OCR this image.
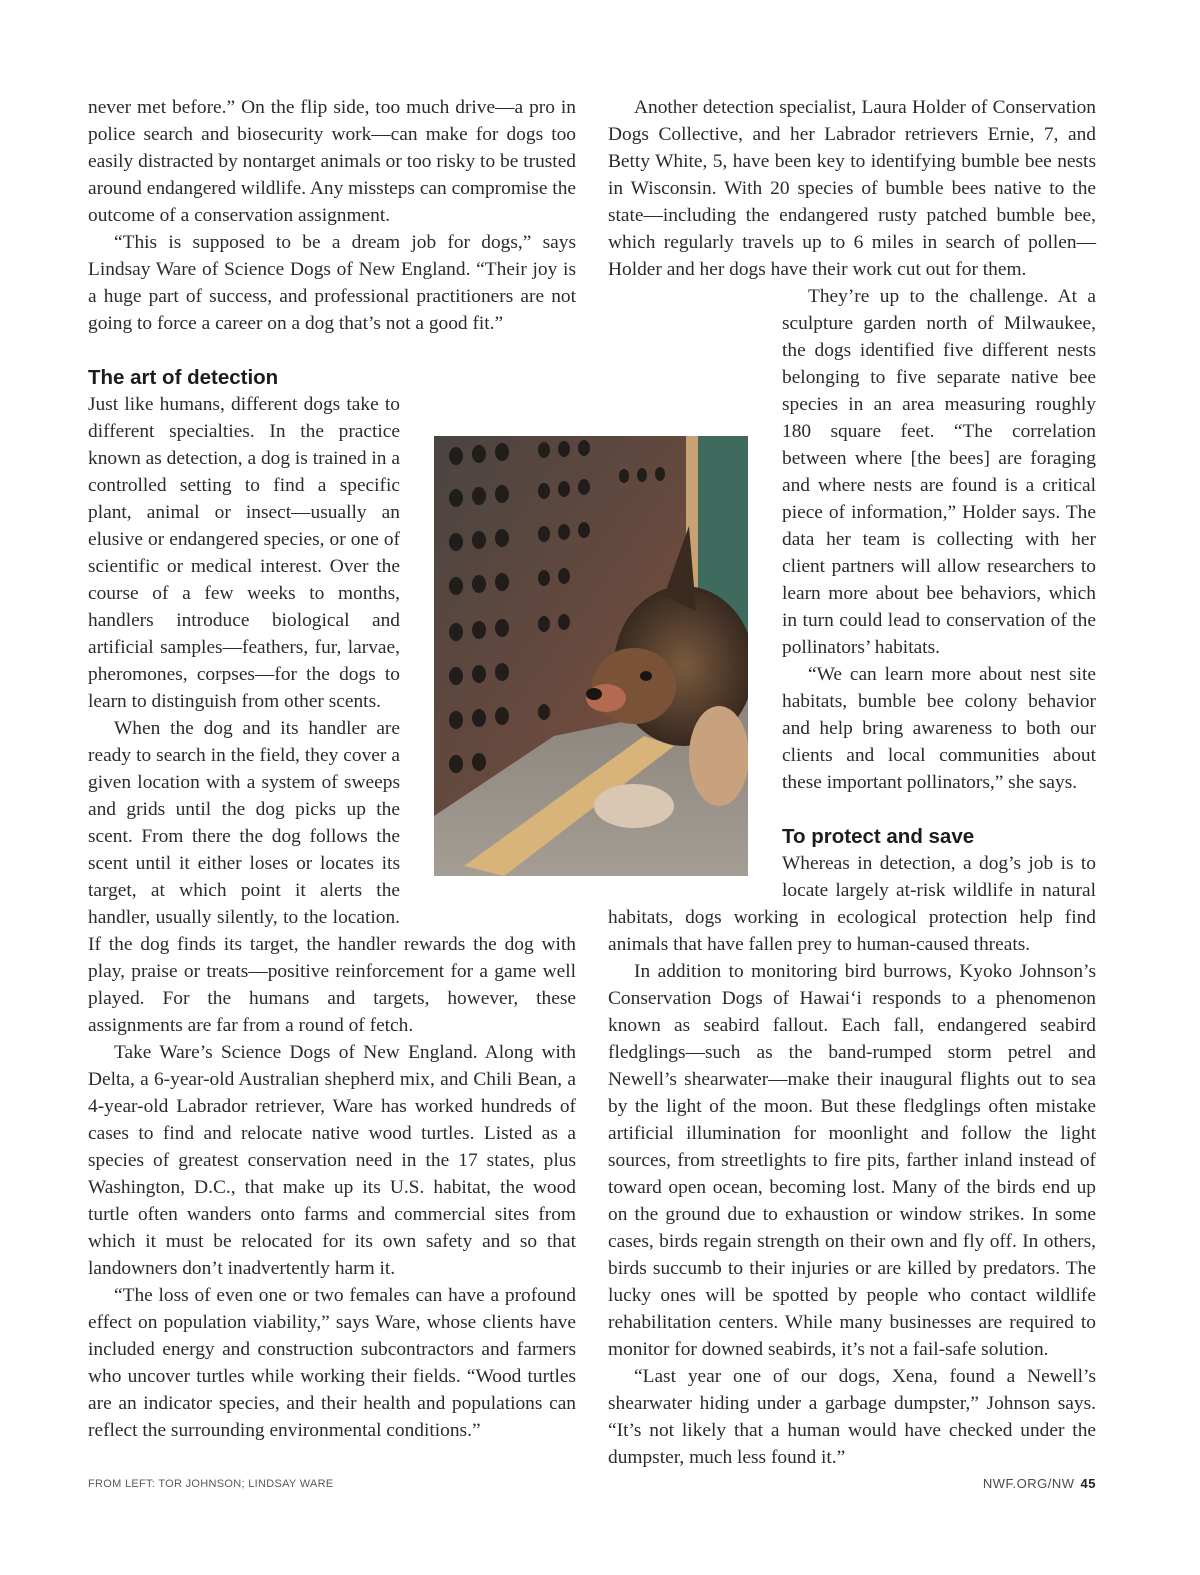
never met before.” On the flip side, too much drive—a pro in police search and biosecurity work—can make for dogs too easily distracted by nontarget animals or too risky to be trusted around endangered wildlife. Any missteps can compromise the outcome of a conservation assignment.

“This is supposed to be a dream job for dogs,” says Lindsay Ware of Science Dogs of New England. “Their joy is a huge part of success, and professional practitioners are not going to force a career on a dog that’s not a good fit.”

The art of detection

Just like humans, different dogs take to different specialties. In the practice known as detection, a dog is trained in a controlled setting to find a specific plant, animal or insect—usually an elusive or endangered species, or one of scientific or medical interest. Over the course of a few weeks to months, handlers introduce biological and artificial samples—feathers, fur, larvae, pheromones, corpses—for the dogs to learn to distinguish from other scents.

When the dog and its handler are ready to search in the field, they cover a given location with a system of sweeps and grids until the dog picks up the scent. From there the dog follows the scent until it either loses or locates its target, at which point it alerts the handler, usually silently, to the location. If the dog finds its target, the handler rewards the dog with play, praise or treats—positive reinforcement for a game well played. For the humans and targets, however, these assignments are far from a round of fetch.

Take Ware’s Science Dogs of New England. Along with Delta, a 6-year-old Australian shepherd mix, and Chili Bean, a 4-year-old Labrador retriever, Ware has worked hundreds of cases to find and relocate native wood turtles. Listed as a species of greatest conservation need in the 17 states, plus Washington, D.C., that make up its U.S. habitat, the wood turtle often wanders onto farms and commercial sites from which it must be relocated for its own safety and so that landowners don’t inadvertently harm it.

“The loss of even one or two females can have a profound effect on population viability,” says Ware, whose clients have included energy and construction subcontractors and farmers who uncover turtles while working their fields. “Wood turtles are an indicator species, and their health and populations can reflect the surrounding environmental conditions.”

Another detection specialist, Laura Holder of Conservation Dogs Collective, and her Labrador retrievers Ernie, 7, and Betty White, 5, have been key to identifying bumble bee nests in Wisconsin. With 20 species of bumble bees native to the state—including the endangered rusty patched bumble bee, which regularly travels up to 6 miles in search of pollen—Holder and her dogs have their work cut out for them.

They’re up to the challenge. At a sculpture garden north of Milwaukee, the dogs identified five different nests belonging to five separate native bee species in an area measuring roughly 180 square feet. “The correlation between where [the bees] are foraging and where nests are found is a critical piece of information,” Holder says. The data her team is collecting with her client partners will allow researchers to learn more about bee behaviors, which in turn could lead to conservation of the pollinators’ habitats.

“We can learn more about nest site habitats, bumble bee colony behavior and help bring awareness to both our clients and local communities about these important pollinators,” she says.

To protect and save

Whereas in detection, a dog’s job is to locate largely at-risk wildlife in natural habitats, dogs working in ecological protection help find animals that have fallen prey to human-caused threats.

In addition to monitoring bird burrows, Kyoko Johnson’s Conservation Dogs of Hawai‘i responds to a phenomenon known as seabird fallout. Each fall, endangered seabird fledglings—such as the band-rumped storm petrel and Newell’s shearwater—make their inaugural flights out to sea by the light of the moon. But these fledglings often mistake artificial illumination for moonlight and follow the light sources, from streetlights to fire pits, farther inland instead of toward open ocean, becoming lost. Many of the birds end up on the ground due to exhaustion or window strikes. In some cases, birds regain strength on their own and fly off. In others, birds succumb to their injuries or are killed by predators. The lucky ones will be spotted by people who contact wildlife rehabilitation centers. While many businesses are required to monitor for downed seabirds, it’s not a fail-safe solution.

“Last year one of our dogs, Xena, found a Newell’s shearwater hiding under a garbage dumpster,” Johnson says. “It’s not likely that a human would have checked under the dumpster, much less found it.”

FROM LEFT: TOR JOHNSON; LINDSAY WARE	NWF.ORG/NW 45
